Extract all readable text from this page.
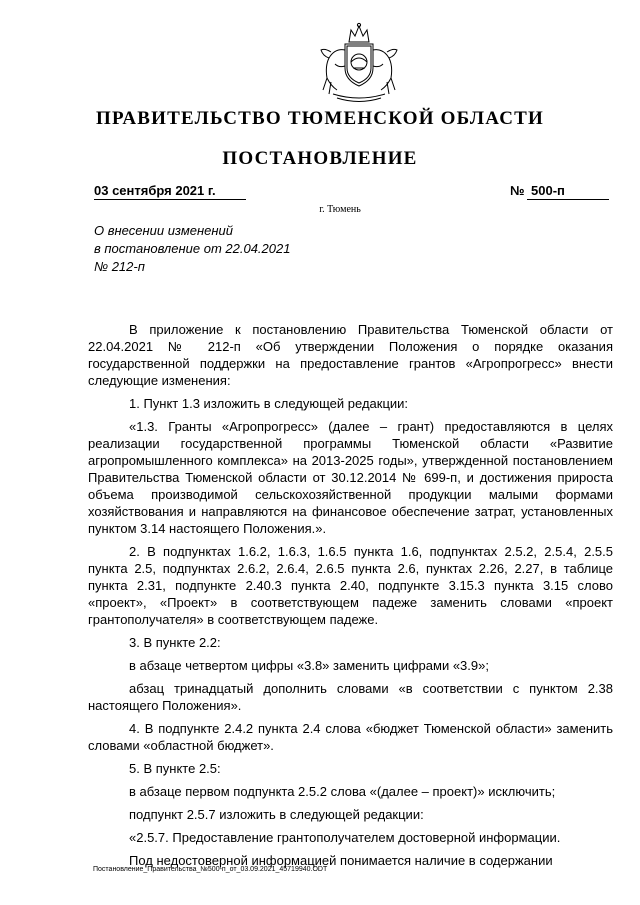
ПРАВИТЕЛЬСТВО ТЮМЕНСКОЙ ОБЛАСТИ
ПОСТАНОВЛЕНИЕ
03 сентября 2021 г.	№ 500-п
г. Тюмень
О внесении изменений
в постановление от 22.04.2021
№ 212-п

В приложение к постановлению Правительства Тюменской области от 22.04.2021 № 212-п «Об утверждении Положения о порядке оказания государственной поддержки на предоставление грантов «Агропрогресс» внести следующие изменения:

1. Пункт 1.3 изложить в следующей редакции:

«1.3. Гранты «Агропрогресс» (далее – грант) предоставляются в целях реализации государственной программы Тюменской области «Развитие агропромышленного комплекса» на 2013-2025 годы», утвержденной постановлением Правительства Тюменской области от 30.12.2014 № 699-п, и достижения прироста объема производимой сельскохозяйственной продукции малыми формами хозяйствования и направляются на финансовое обеспечение затрат, установленных пунктом 3.14 настоящего Положения.».

2. В подпунктах 1.6.2, 1.6.3, 1.6.5 пункта 1.6, подпунктах 2.5.2, 2.5.4, 2.5.5 пункта 2.5, подпунктах 2.6.2, 2.6.4, 2.6.5 пункта 2.6, пунктах 2.26, 2.27, в таблице пункта 2.31, подпункте 2.40.3 пункта 2.40, подпункте 3.15.3 пункта 3.15 слово «проект», «Проект» в соответствующем падеже заменить словами «проект грантополучателя» в соответствующем падеже.

3. В пункте 2.2:

в абзаце четвертом цифры «3.8» заменить цифрами «3.9»;

абзац тринадцатый дополнить словами «в соответствии с пунктом 2.38 настоящего Положения».

4. В подпункте 2.4.2 пункта 2.4 слова «бюджет Тюменской области» заменить словами «областной бюджет».

5. В пункте 2.5:

в абзаце первом подпункта 2.5.2 слова «(далее – проект)» исключить;

подпункт 2.5.7 изложить в следующей редакции:

«2.5.7. Предоставление грантополучателем достоверной информации.

Под недостоверной информацией понимается наличие в содержании

Постановление_Правительства_№500-п_от_03.09.2021_45719940.ODT
